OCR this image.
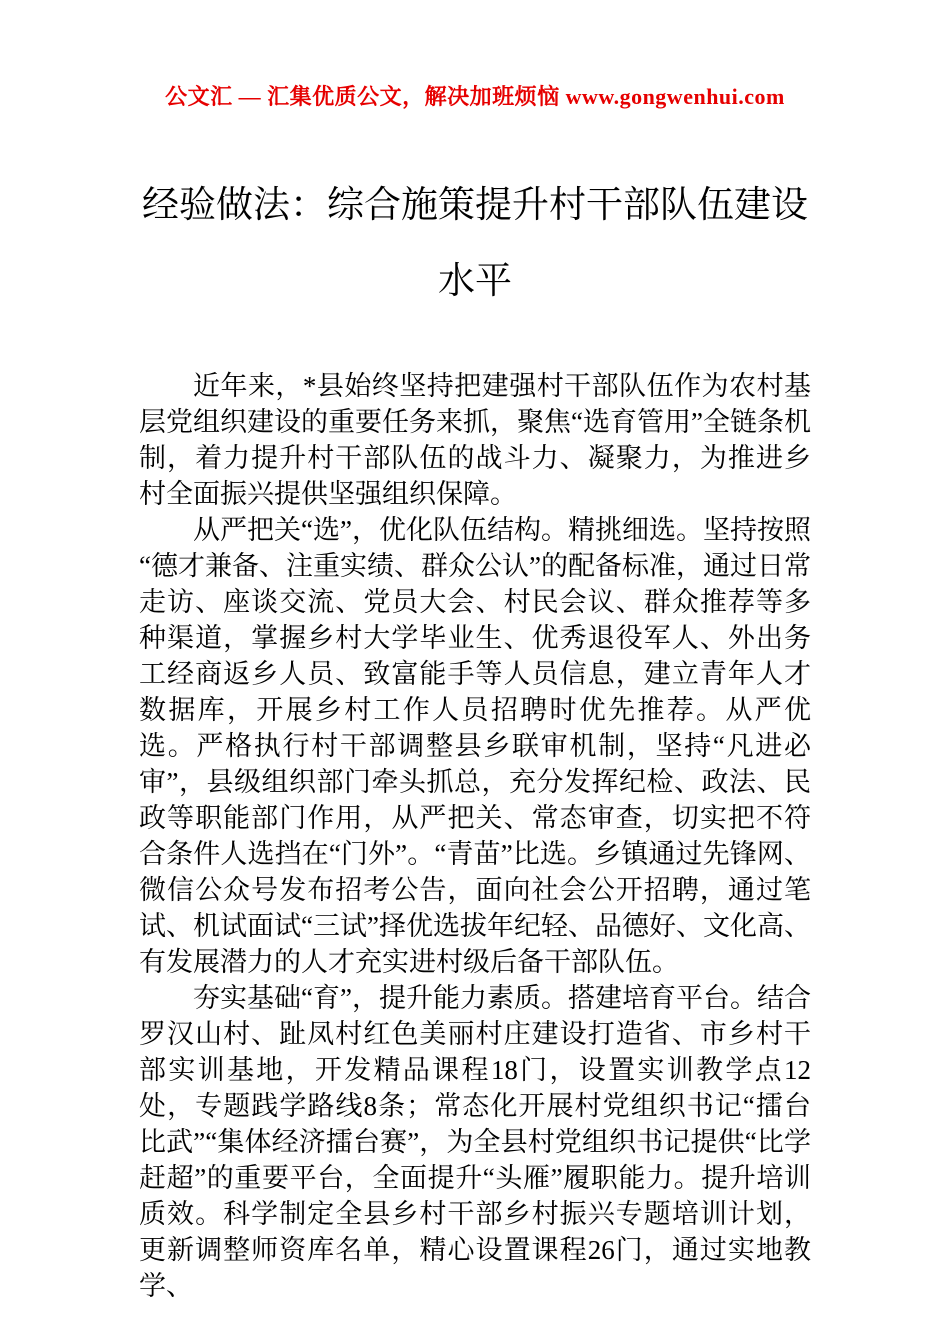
公文汇 — 汇集优质公文，解决加班烦恼 www.gongwenhui.com
经验做法：综合施策提升村干部队伍建设水平

近年来，*县始终坚持把建强村干部队伍作为农村基层党组织建设的重要任务来抓，聚焦“选育管用”全链条机制，着力提升村干部队伍的战斗力、凝聚力，为推进乡村全面振兴提供坚强组织保障。

从严把关“选”，优化队伍结构。精挑细选。坚持按照“德才兼备、注重实绩、群众公认”的配备标准，通过日常走访、座谈交流、党员大会、村民会议、群众推荐等多种渠道，掌握乡村大学毕业生、优秀退役军人、外出务工经商返乡人员、致富能手等人员信息，建立青年人才数据库，开展乡村工作人员招聘时优先推荐。从严优选。严格执行村干部调整县乡联审机制，坚持“凡进必审”，县级组织部门牵头抓总，充分发挥纪检、政法、民政等职能部门作用，从严把关、常态审查，切实把不符合条件人选挡在“门外”。“青苗”比选。乡镇通过先锋网、微信公众号发布招考公告，面向社会公开招聘，通过笔试、机试面试“三试”择优选拔年纪轻、品德好、文化高、有发展潜力的人才充实进村级后备干部队伍。

夯实基础“育”，提升能力素质。搭建培育平台。结合罗汉山村、趾凤村红色美丽村庄建设打造省、市乡村干部实训基地，开发精品课程18门，设置实训教学点12处，专题践学路线8条；常态化开展村党组织书记“擂台比武”“集体经济擂台赛”，为全县村党组织书记提供“比学赶超”的重要平台，全面提升“头雁”履职能力。提升培训质效。科学制定全县乡村干部乡村振兴专题培训计划，更新调整师资库名单，精心设置课程26门，通过实地教学、
